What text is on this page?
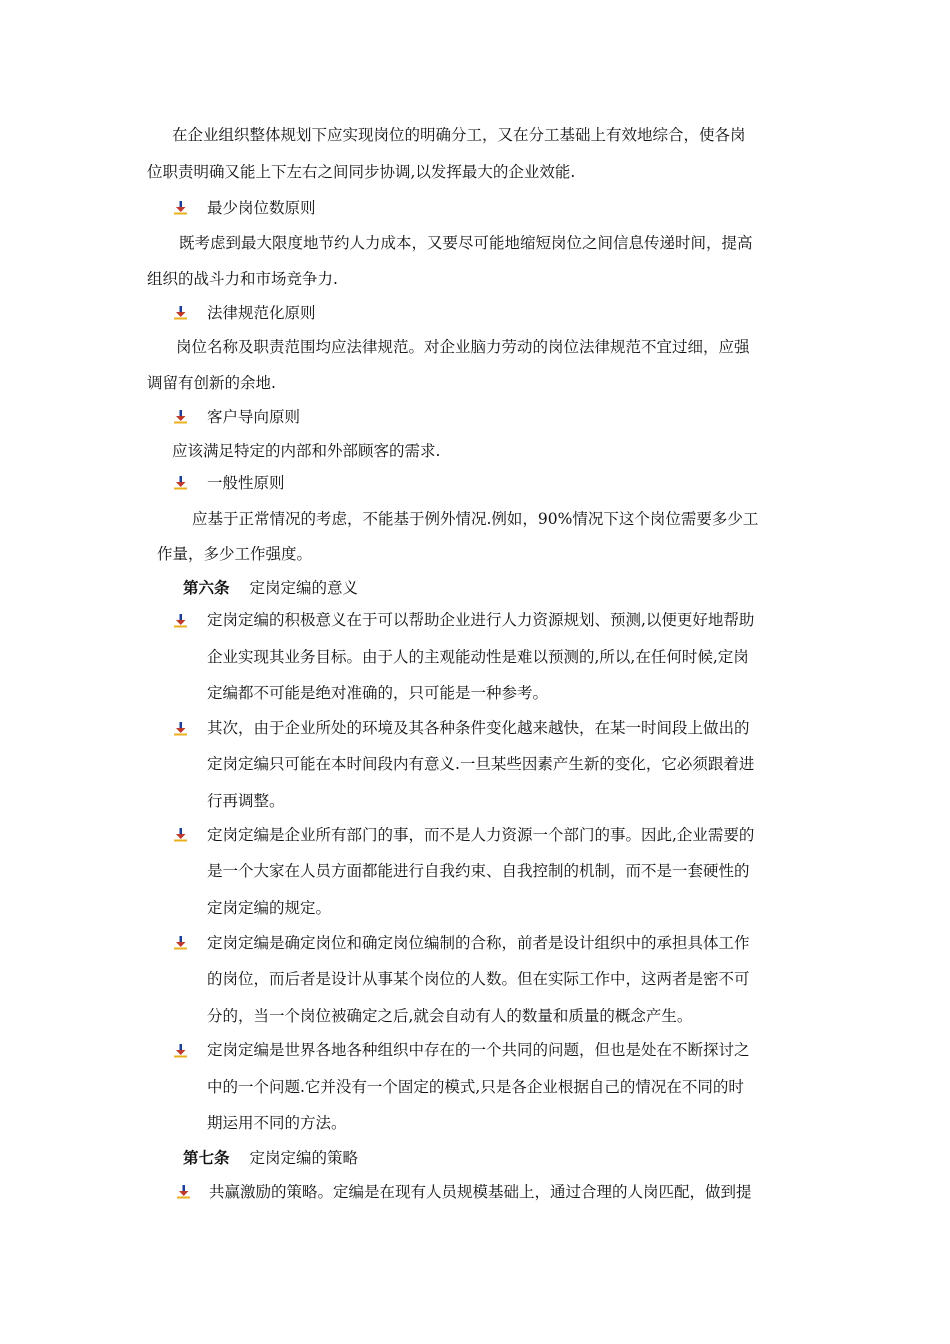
在企业组织整体规划下应实现岗位的明确分工，又在分工基础上有效地综合，使各岗
位职责明确又能上下左右之间同步协调,以发挥最大的企业效能.
最少岗位数原则
既考虑到最大限度地节约人力成本，又要尽可能地缩短岗位之间信息传递时间，提高
组织的战斗力和市场竞争力.
法律规范化原则
岗位名称及职责范围均应法律规范。对企业脑力劳动的岗位法律规范不宜过细，应强
调留有创新的余地.
客户导向原则
应该满足特定的内部和外部顾客的需求.
一般性原则
应基于正常情况的考虑，不能基于例外情况.例如，90%情况下这个岗位需要多少工
作量，多少工作强度。
第六条 定岗定编的意义
定岗定编的积极意义在于可以帮助企业进行人力资源规划、预测,以便更好地帮助
企业实现其业务目标。由于人的主观能动性是难以预测的,所以,在任何时候,定岗
定编都不可能是绝对准确的，只可能是一种参考。
其次，由于企业所处的环境及其各种条件变化越来越快，在某一时间段上做出的
定岗定编只可能在本时间段内有意义.一旦某些因素产生新的变化，它必须跟着进
行再调整。
定岗定编是企业所有部门的事，而不是人力资源一个部门的事。因此,企业需要的
是一个大家在人员方面都能进行自我约束、自我控制的机制，而不是一套硬性的
定岗定编的规定。
定岗定编是确定岗位和确定岗位编制的合称，前者是设计组织中的承担具体工作
的岗位，而后者是设计从事某个岗位的人数。但在实际工作中，这两者是密不可
分的，当一个岗位被确定之后,就会自动有人的数量和质量的概念产生。
定岗定编是世界各地各种组织中存在的一个共同的问题，但也是处在不断探讨之
中的一个问题.它并没有一个固定的模式,只是各企业根据自己的情况在不同的时
期运用不同的方法。
第七条 定岗定编的策略
共赢激励的策略。定编是在现有人员规模基础上，通过合理的人岗匹配，做到提
